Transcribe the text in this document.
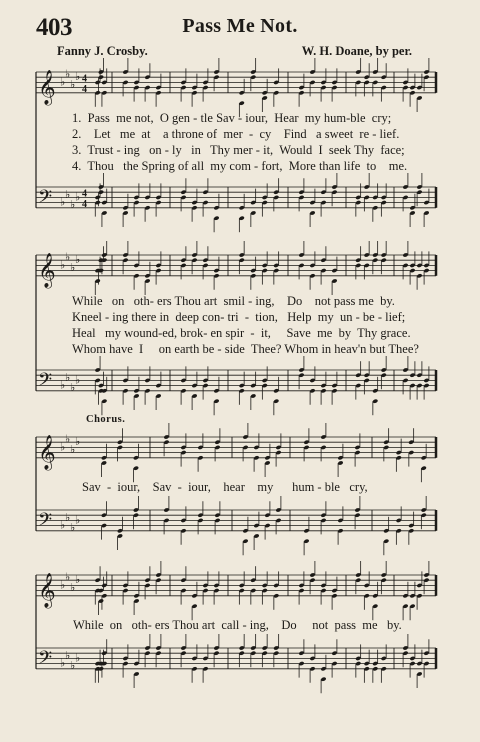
403	Pass Me Not.
Fanny J. Crosby.	W. H. Doane, by per.
𝄞 ♭
♭
♭
♭ 4
4
𝄢 ♭
♭
♭
♭ 4
4
𝄞 ♭
♭
♭
♭
𝄢 ♭
♭
♭
♭
𝄞 ♭
♭
♭
♭
𝄢 ♭
♭
♭
♭
𝄞 ♭
♭
♭
♭
𝄢 ♭
♭
♭
♭
1.  Pass  me not,  O gen - tle Sav - iour,  Hear  my hum-ble  cry;
2.    Let   me  at    a throne of  mer  -  cy    Find   a sweet  re - lief.
3.  Trust - ing   on - ly   in   Thy mer - it,  Would  I  seek Thy  face;
4.  Thou   the Spring of all  my com - fort,  More than life  to    me.
While   on   oth- ers Thou art  smil - ing,    Do    not pass me  by.
Kneel - ing there in  deep con- tri  -  tion,   Help  my  un - be - lief;
Heal   my wound-ed, brok- en spir  -  it,     Save  me  by  Thy grace.
Whom have  I     on earth be - side  Thee? Whom in heav'n but Thee?
Chorus.
Sav  -  iour,    Sav  -  iour,    hear    my      hum - ble   cry,
While  on   oth- ers Thou art  call - ing,    Do     not  pass  me   by.
